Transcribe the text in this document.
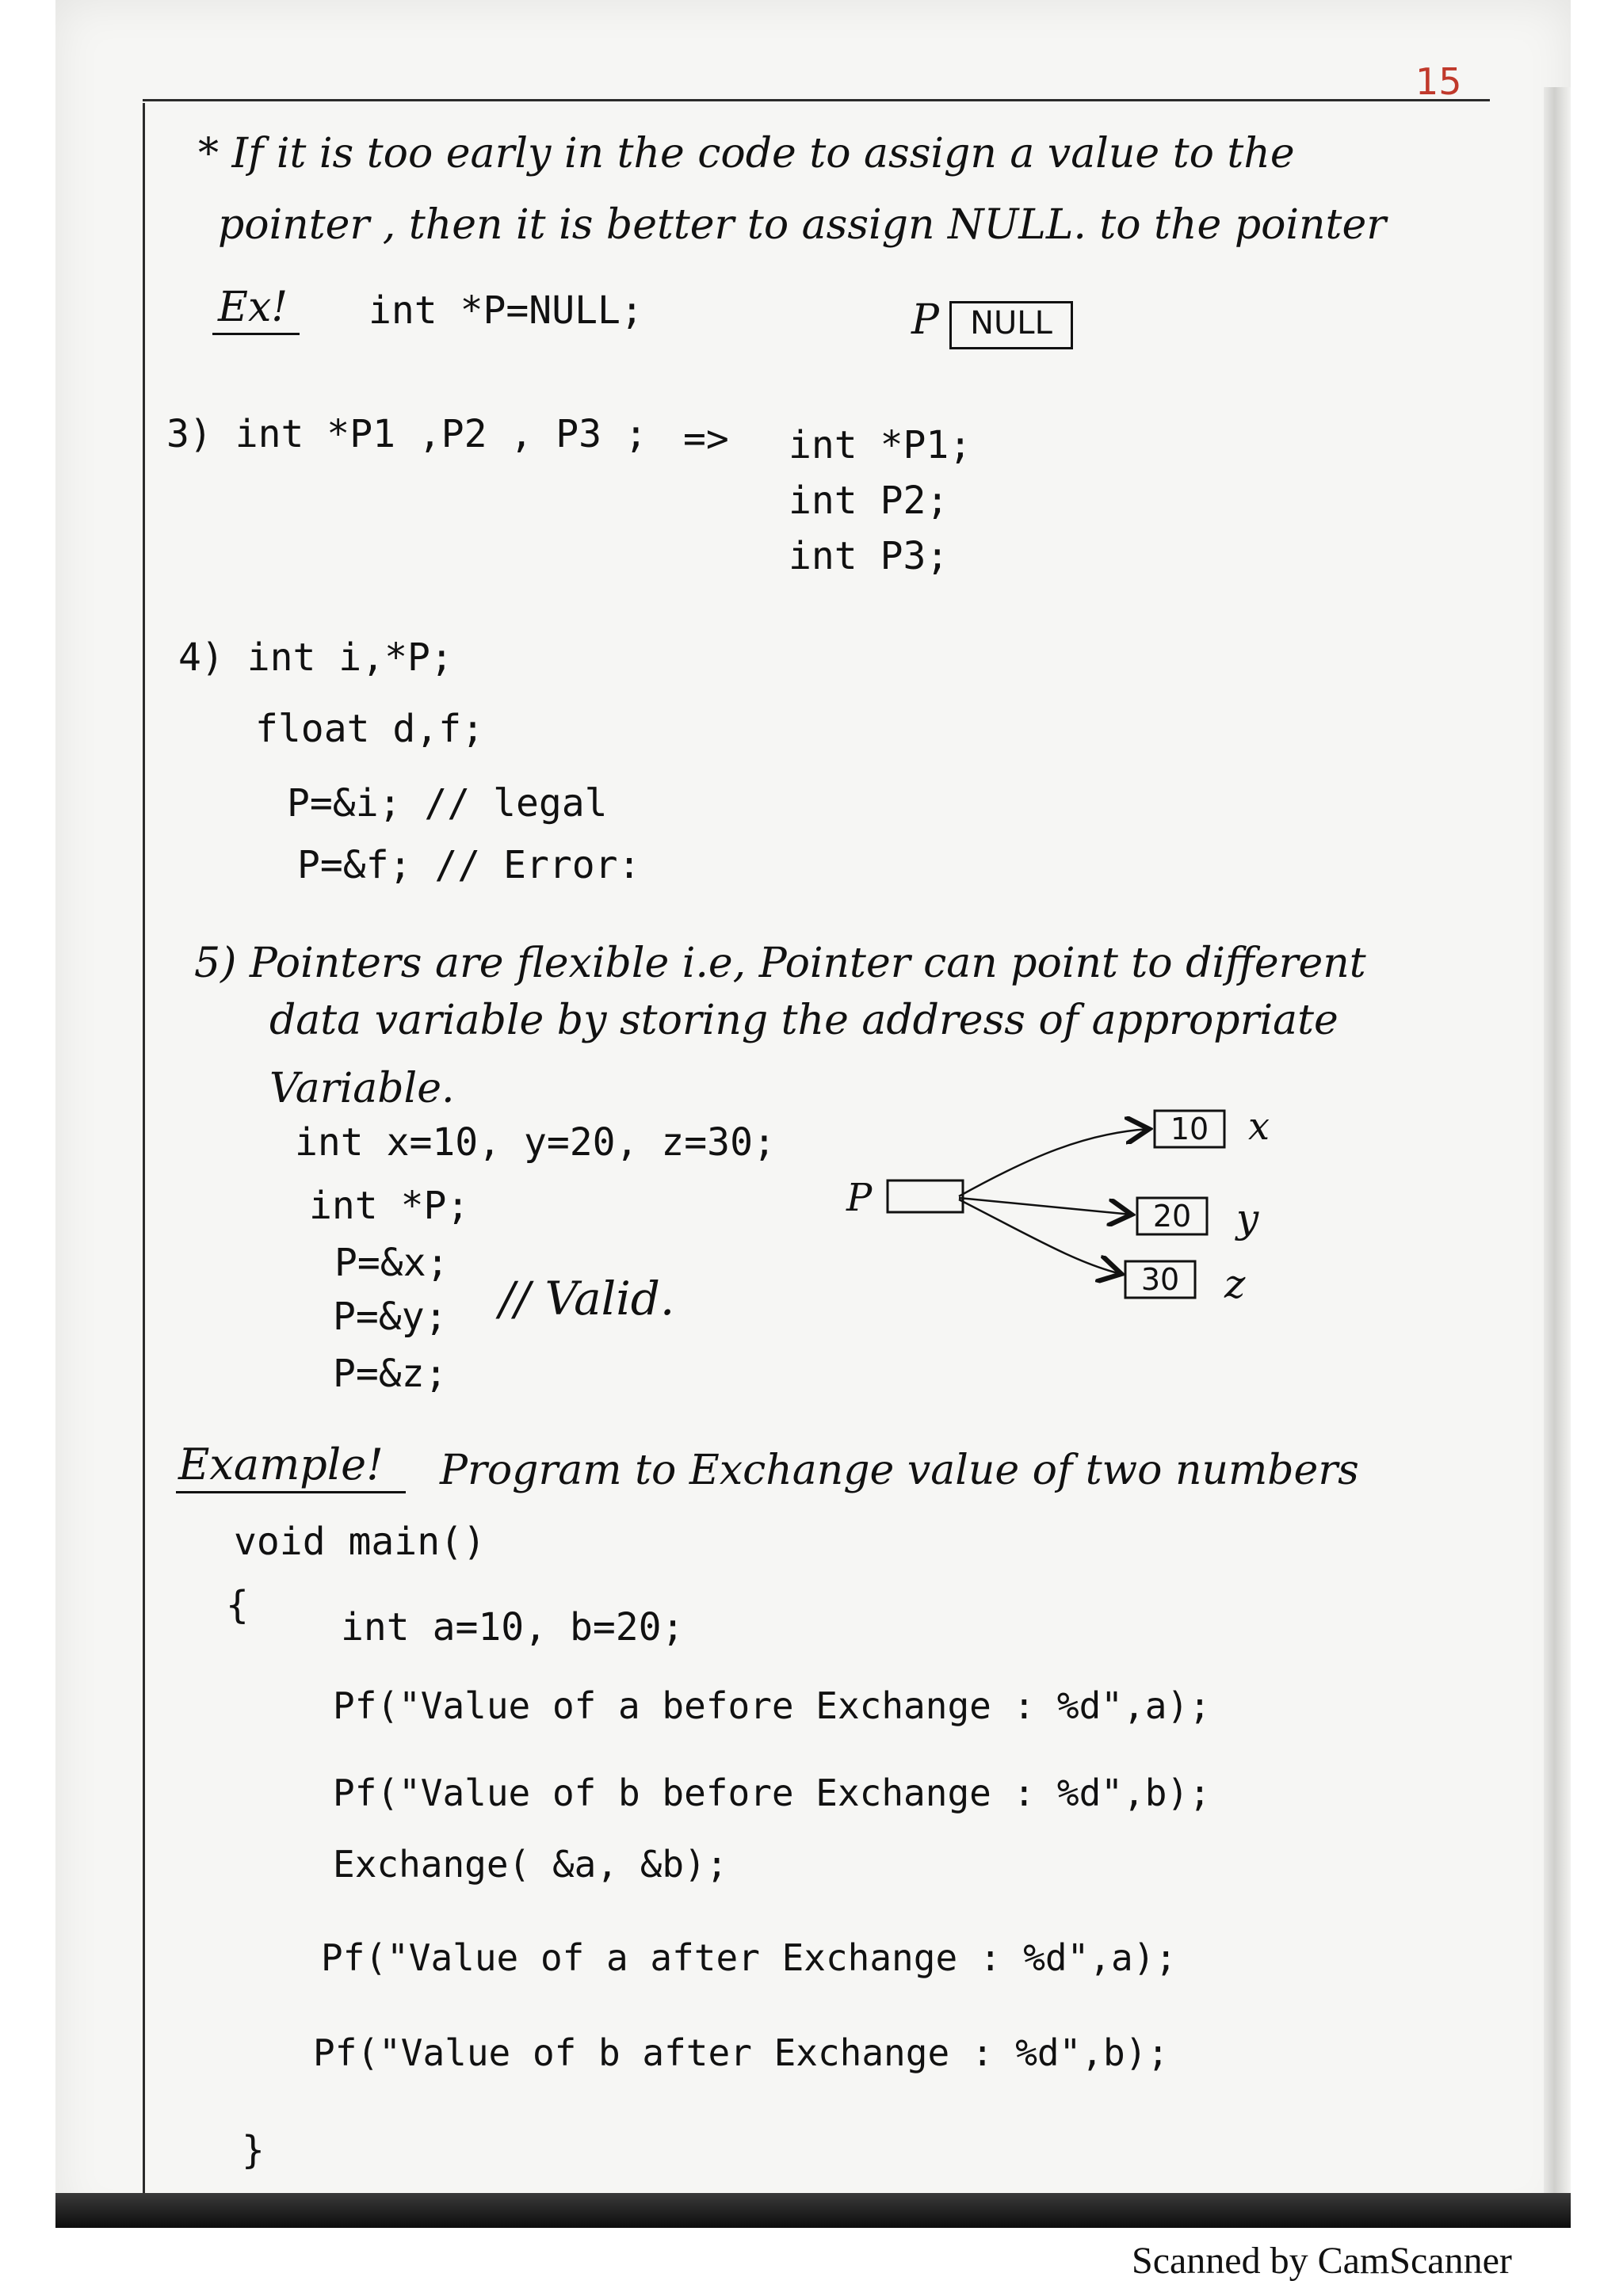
15
* If it is too early in the code to assign a value to the
pointer , then it is better to assign NULL. to the pointer
Ex! int *P=NULL;	P NULL
3) int *P1 ,P2 , P3 ; => int *P1;
int P2;
int P3;
4) int i,*P;
float d,f;
P=&i; // legal
P=&f; // Error:
5) Pointers are flexible i.e, Pointer can point to different
data variable by storing the address of appropriate
Variable.
int x=10, y=20, z=30;
int *P;
P=&x;
P=&y;
P=&z;
// Valid.
P
10 x
20 y
30 z
Example! Program to Exchange value of two numbers
void main()
{ int a=10, b=20;
Pf("Value of a before Exchange : %d",a);
Pf("Value of b before Exchange : %d",b);
Exchange( &a, &b);
Pf("Value of a after Exchange : %d",a);
Pf("Value of b after Exchange : %d",b);
}
Scanned by CamScanner
